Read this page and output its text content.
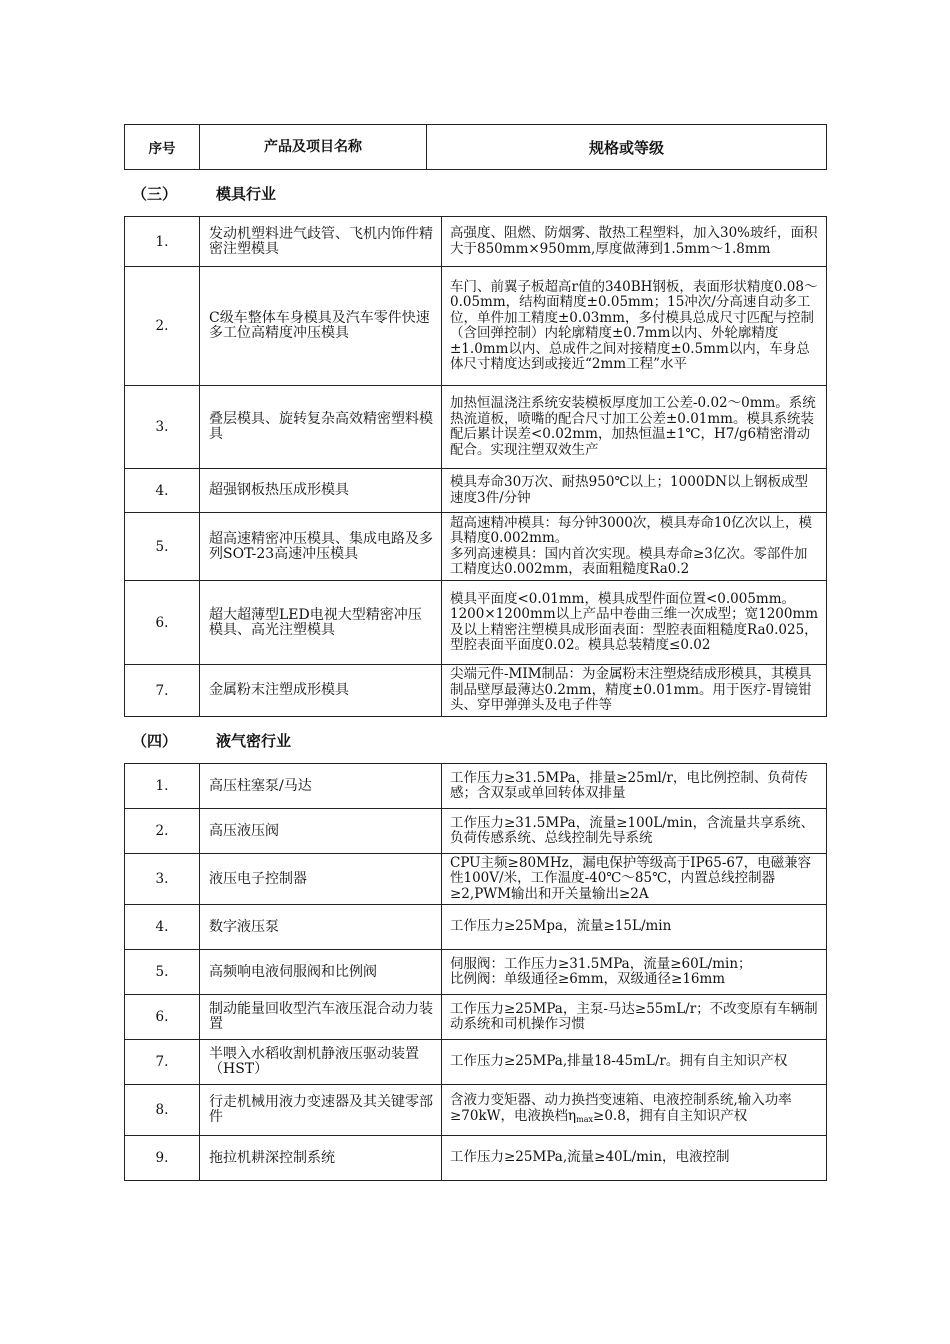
序号	产品及项目名称	规格或等级
（三）	模具行业
1.	发动机塑料进气歧管、飞机内饰件精密注塑模具	高强度、阻燃、防烟雾、散热工程塑料，加入30%玻纤，面积大于850mm×950mm,厚度做薄到1.5mm～1.8mm

2.	C级车整体车身模具及汽车零件快速多工位高精度冲压模具	车门、前翼子板超高r值的340BH钢板，表面形状精度0.08～0.05mm，结构面精度±0.05mm；15冲次/分高速自动多工位，单件加工精度±0.03mm，多付模具总成尺寸匹配与控制（含回弹控制）内轮廓精度±0.7mm以内、外轮廓精度±1.0mm以内、总成件之间对接精度±0.5mm以内，车身总体尺寸精度达到或接近“2mm工程”水平

3.	叠层模具、旋转复杂高效精密塑料模具	加热恒温浇注系统安装模板厚度加工公差-0.02～0mm。系统热流道板，喷嘴的配合尺寸加工公差±0.01mm。模具系统装配后累计误差<0.02mm，加热恒温±1℃，H7/g6精密滑动配合。实现注塑双效生产

4.	超强钢板热压成形模具	模具寿命30万次、耐热950℃以上；1000DN以上钢板成型速度3件/分钟

5.	超高速精密冲压模具、集成电路及多列SOT-23高速冲压模具	超高速精冲模具：每分钟3000次，模具寿命10亿次以上，模具精度0.002mm。
多列高速模具：国内首次实现。模具寿命≥3亿次。零部件加工精度达0.002mm，表面粗糙度Ra0.2

6.	超大超薄型LED电视大型精密冲压模具、高光注塑模具	模具平面度<0.01mm，模具成型件面位置<0.005mm。1200×1200mm以上产品中卷曲三维一次成型；宽1200mm及以上精密注塑模具成形面表面：型腔表面粗糙度Ra0.025，型腔表面平面度0.02。模具总装精度≤0.02

7.	金属粉末注塑成形模具	尖端元件-MIM制品：为金属粉末注塑烧结成形模具，其模具制品壁厚最薄达0.2mm，精度±0.01mm。用于医疗-胃镜钳头、穿甲弹弹头及电子件等
（四）	液气密行业
1.	高压柱塞泵/马达	工作压力≥31.5MPa，排量≥25ml/r，电比例控制、负荷传感；含双泵或单回转体双排量

2.	高压液压阀	工作压力≥31.5MPa，流量≥100L/min，含流量共享系统、负荷传感系统、总线控制先导系统

3.	液压电子控制器	CPU主频≥80MHz，漏电保护等级高于IP65-67，电磁兼容性100V/米，工作温度-40℃～85℃，内置总线控制器≥2,PWM输出和开关量输出≥2A

4.	数字液压泵	工作压力≥25Mpa，流量≥15L/min

5.	高频响电液伺服阀和比例阀	伺服阀：工作压力≥31.5MPa，流量≥60L/min；
比例阀：单级通径≥6mm，双级通径≥16mm

6.	制动能量回收型汽车液压混合动力装置	工作压力≥25MPa，主泵-马达≥55mL/r；不改变原有车辆制动系统和司机操作习惯

7.	半喂入水稻收割机静液压驱动装置（HST）	工作压力≥25MPa,排量18-45mL/r。拥有自主知识产权

8.	行走机械用液力变速器及其关键零部件	含液力变矩器、动力换挡变速箱、电液控制系统,输入功率≥70kW，电液换档$\eta_{max}\ge 0.8$，拥有自主知识产权

9.	拖拉机耕深控制系统	工作压力≥25MPa,流量≥40L/min，电液控制
